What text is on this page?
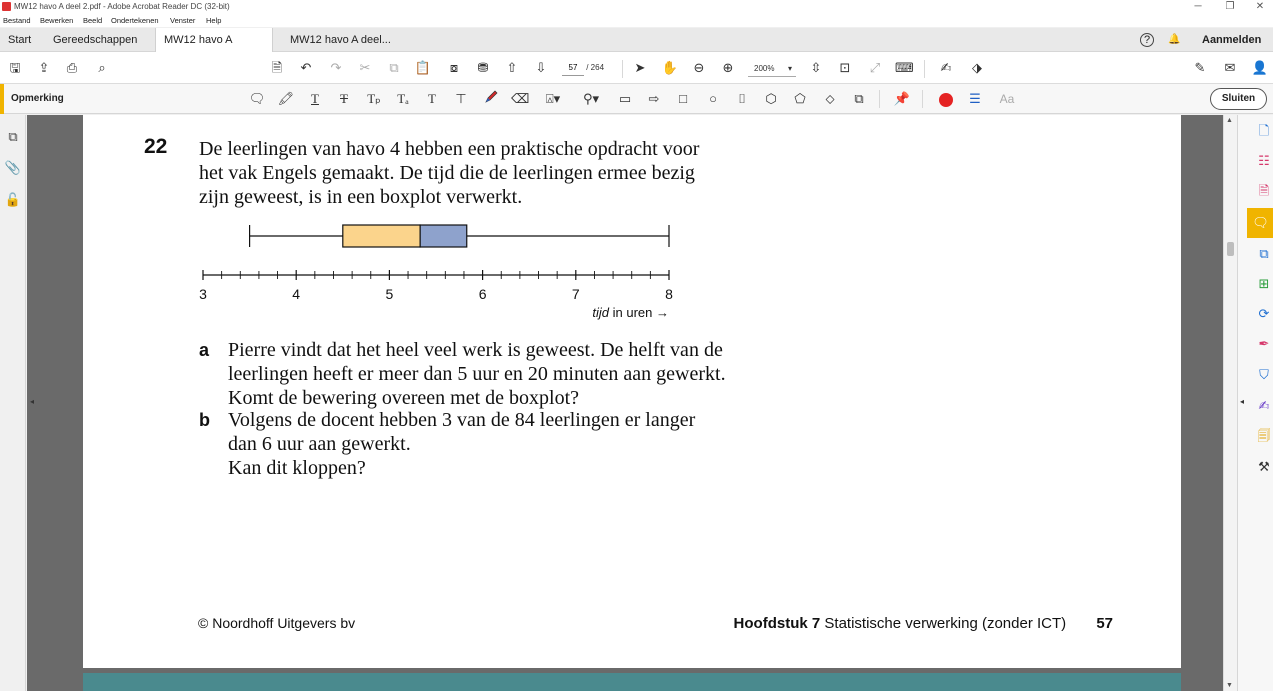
MW12 havo A deel 2.pdf - Adobe Acrobat Reader DC (32-bit)	─	❐	✕
Bestand Bewerken Beeld Ondertekenen Venster Help
Start	Gereedschappen	MW12 havo A	MW12 havo A deel...	?	🔔 Aanmelden
🖫 ⇪ ⎙	⌕	🗎 ↶ ↷ ✂	⧉	📋	⧇	⛃ ⇧ ⇩
57	/ 264 ➤ ✋ ⊖ ⊕	200% ▾ ⇳ ⊡ ⤢ ⌨ ✍	⬗	✎ ✉ 👤
Opmerking	🗨 🖍	T	T	Tₚ Tₐ	T	⊤	⌫	⍓▾	⚲▾	▭ ⇨	□	○	⌷	⬡ ⬠	⬦	⧉	📌	☰	Aa	Sluiten
⧉
📎
🔓
◂
22 De leerlingen van havo 4 hebben een praktische opdracht voor
het vak Engels gemaakt. De tijd die de leerlingen ermee bezig
zijn geweest, is in een boxplot verwerkt.
3	4	5	6	7	8
tijd in uren →
a Pierre vindt dat het heel veel werk is geweest. De helft van de
leerlingen heeft er meer dan 5 uur en 20 minuten aan gewerkt.
Komt de bewering overeen met de boxplot?
b Volgens de docent hebben 3 van de 84 leerlingen er langer
dan 6 uur aan gewerkt.
Kan dit kloppen?
© Noordhoff Uitgevers bv	Hoofdstuk 7 Statistische verwerking (zonder ICT) 57
▲
▼
◂
🗋
☷
🗎
🗨
⧉
⊞
⟳
✒
⛉
✍
🗐
⚒
